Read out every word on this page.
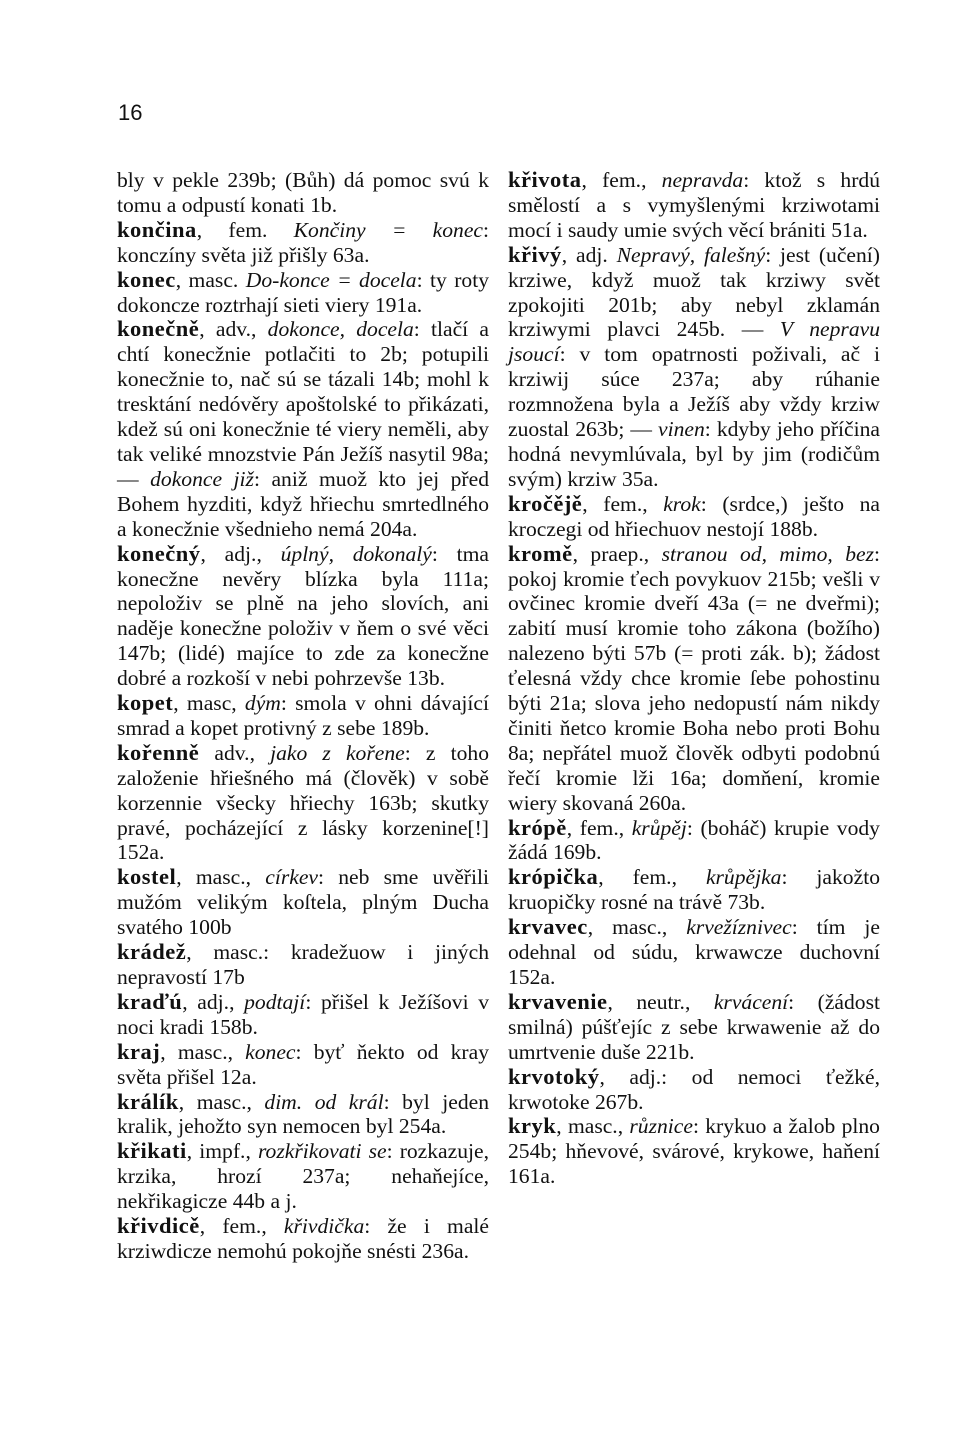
16

bly v pekle 239b; (Bůh) dá pomoc svú k tomu a odpustí konati 1b.

končina, fem. Končiny = konec: konczíny světa již přišly 63a.

konec, masc. Do-konce = docela: ty roty dokoncze roztrhají sieti viery 191a.

konečně, adv., dokonce, docela: tlačí a chtí konecžnie potlačiti to 2b; potupili konecžnie to, nač sú se tázali 14b; mohl k tresktání nedóvěry apoštolské to přikázati, kdež sú oni konecžnie té viery neměli, aby tak veliké mnozstvie Pán Ježíš nasytil 98a; — dokonce již: aniž muož kto jej před Bohem hyzditi, když hřiechu smrtedlného a konecžnie všednieho nemá 204a.

konečný, adj., úplný, dokonalý: tma konecžne nevěry blízka byla 111a; nepoloživ se plně na jeho slovích, ani naděje konecžne položiv v ňem o své věci 147b; (lidé) majíce to zde za konecžne dobré a rozkoší v nebi pohrzevše 13b.

kopet, masc, dým: smola v ohni dávající smrad a kopet protivný z sebe 189b.

kořenně adv., jako z kořene: z toho založenie hřiešného má (člověk) v sobě korzennie všecky hřiechy 163b; skutky pravé, pocházející z lásky korzenine[!] 152a.

kostel, masc., církev: neb sme uvěřili mužóm velikým koſtela, plným Ducha svatého 100b

krádež, masc.: kradežuow i jiných nepravostí 17b

kraďú, adj., podtají: přišel k Ježíšovi v noci kradi 158b.

kraj, masc., konec: byť ňekto od kray světa přišel 12a.

králík, masc., dim. od král: byl jeden kralik, jehožto syn nemocen byl 254a.

křikati, impf., rozkřikovati se: rozkazuje, krzika, hrozí 237a; nehaňejíce, nekřikagicze 44b a j.

křivdicě, fem., křivdička: že i malé krziwdicze nemohú pokojňe snésti 236a.

křivota, fem., nepravda: ktož s hrdú smělostí a s vymyšlenými krziwotami mocí i saudy umie svých věcí brániti 51a.

křivý, adj. Nepravý, falešný: jest (učení) krziwe, když muož tak krziwy svět zpokojiti 201b; aby nebyl zklamán krziwymi plavci 245b. — V nepravu jsoucí: v tom opatrnosti poživali, ač i krziwij súce 237a; aby rúhanie rozmnožena byla a Ježíš aby vždy krziw zuostal 263b; — vinen: kdyby jeho příčina hodná nevymlúvala, byl by jim (rodičům svým) krziw 35a.

kročějě, fem., krok: (srdce,) ješto na kroczegi od hřiechuov nestojí 188b.

kromě, praep., stranou od, mimo, bez: pokoj kromie ťech povykuov 215b; vešli v ovčinec kromie dveří 43a (= ne dveřmi); zabití musí kromie toho zákona (božího) nalezeno býti 57b (= proti zák. b); žádost ťelesná vždy chce kromie ſebe pohostinu býti 21a; slova jeho nedopustí nám nikdy činiti ňetco kromie Boha nebo proti Bohu 8a; nepřátel muož člověk odbyti podobnú řečí kromie lži 16a; domňení, kromie wiery skovaná 260a.

krópě, fem., krůpěj: (boháč) krupie vody žádá 169b.

krópička, fem., krůpějka: jakožto kruopičky rosné na trávě 73b.

krvavec, masc., krvežíznivec: tím je odehnal od súdu, krwawcze duchovní 152a.

krvavenie, neutr., krvácení: (žádost smilná) púšťejíc z sebe krwawenie až do umrtvenie duše 221b.

krvotoký, adj.: od nemoci ťežké, krwotoke 267b.

kryk, masc., různice: krykuo a žalob plno 254b; hňevové, svárové, krykowe, haňení 161a.
